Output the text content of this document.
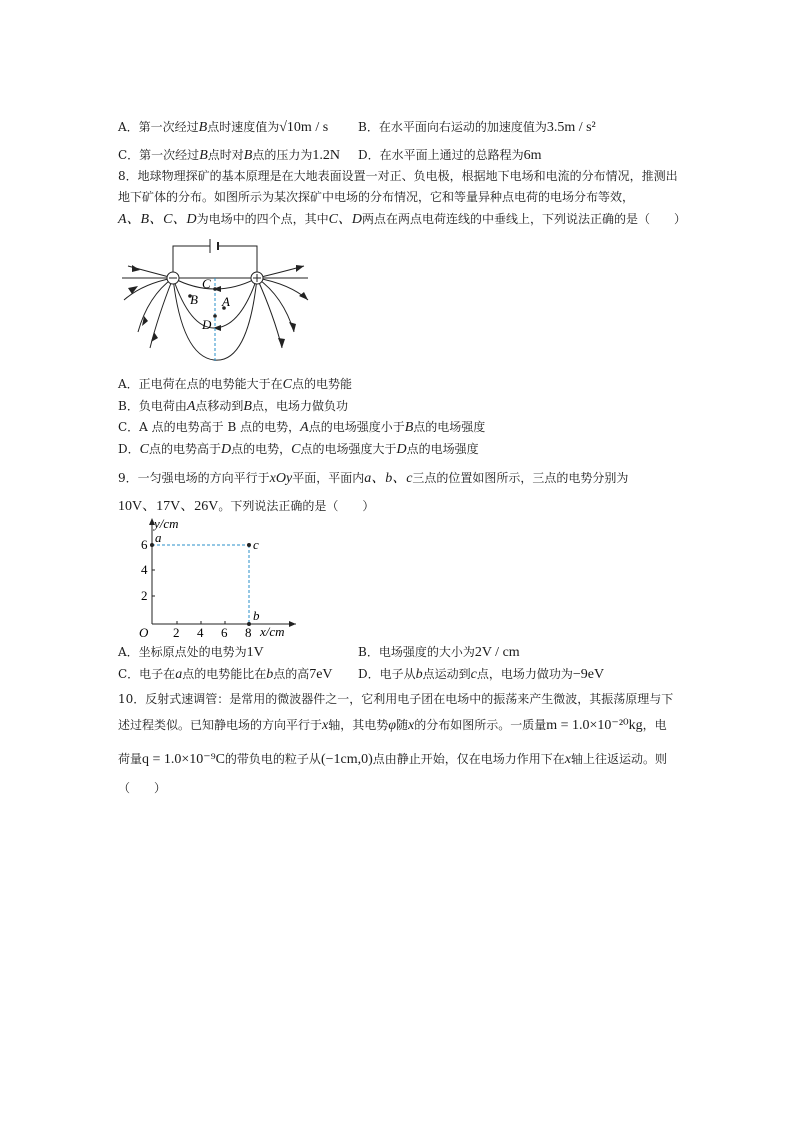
A．第一次经过B点时速度值为√10m / s B．在水平面向右运动的加速度值为3.5m / s²
C．第一次经过B点时对B点的压力为1.2N D．在水平面上通过的总路程为6m
8．地球物理探矿的基本原理是在大地表面设置一对正、负电极，根据地下电场和电流的分布情况，推测出
地下矿体的分布。如图所示为某次探矿中电场的分布情况，它和等量异种点电荷的电场分布等效，
A、B、C、D为电场中的四个点，其中C、D两点在两点电荷连线的中垂线上，下列说法正确的是（　　）
C
B A
D
A．正电荷在点的电势能大于在C点的电势能
B．负电荷由A点移动到B点，电场力做负功
C．A 点的电势高于 B 点的电势，A点的电场强度小于B点的电场强度
D．C点的电势高于D点的电势，C点的电场强度大于D点的电场强度
9．一匀强电场的方向平行于xOy平面，平面内a、b、c三点的位置如图所示，三点的电势分别为
10V、17V、26V。下列说法正确的是（　　）
y/cm
x/cm
O 2 4 6 8
2
4
6 a	c
b
A．坐标原点处的电势为1V	B．电场强度的大小为2V / cm
C．电子在a点的电势能比在b点的高7eV D．电子从b点运动到c点，电场力做功为−9eV
10．反射式速调管：是常用的微波器件之一，它利用电子团在电场中的振荡来产生微波，其振荡原理与下
述过程类似。已知静电场的方向平行于x轴，其电势φ随x的分布如图所示。一质量m = 1.0×10⁻²⁰kg，电
荷量q = 1.0×10⁻⁹C的带负电的粒子从(−1cm,0)点由静止开始，仅在电场力作用下在x轴上往返运动。则
（　　）
